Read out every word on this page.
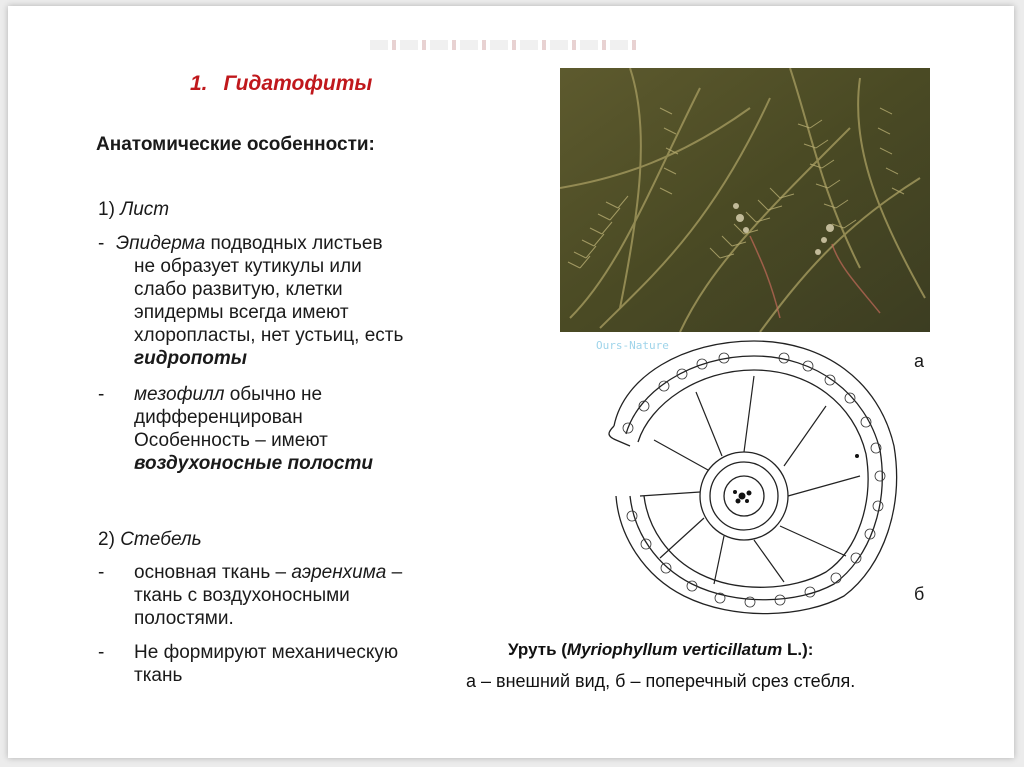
1. Гидатофиты

Анатомические особенности:

1) Лист

- Эпидерма подводных листьев
не образует кутикулы или
слабо развитую, клетки
эпидермы всегда имеют
хлоропласты, нет устьиц, есть
гидропоты
- мезофилл обычно не
дифференцирован
Особенность – имеют
воздухоносные полости

2) Стебель

- основная ткань – аэренхима –
ткань с воздухоносными
полостями.
- Не формируют механическую
ткань
Ours-Nature
а
б
Уруть (Myriophyllum verticillatum L.):
а – внешний вид, б – поперечный срез стебля.
